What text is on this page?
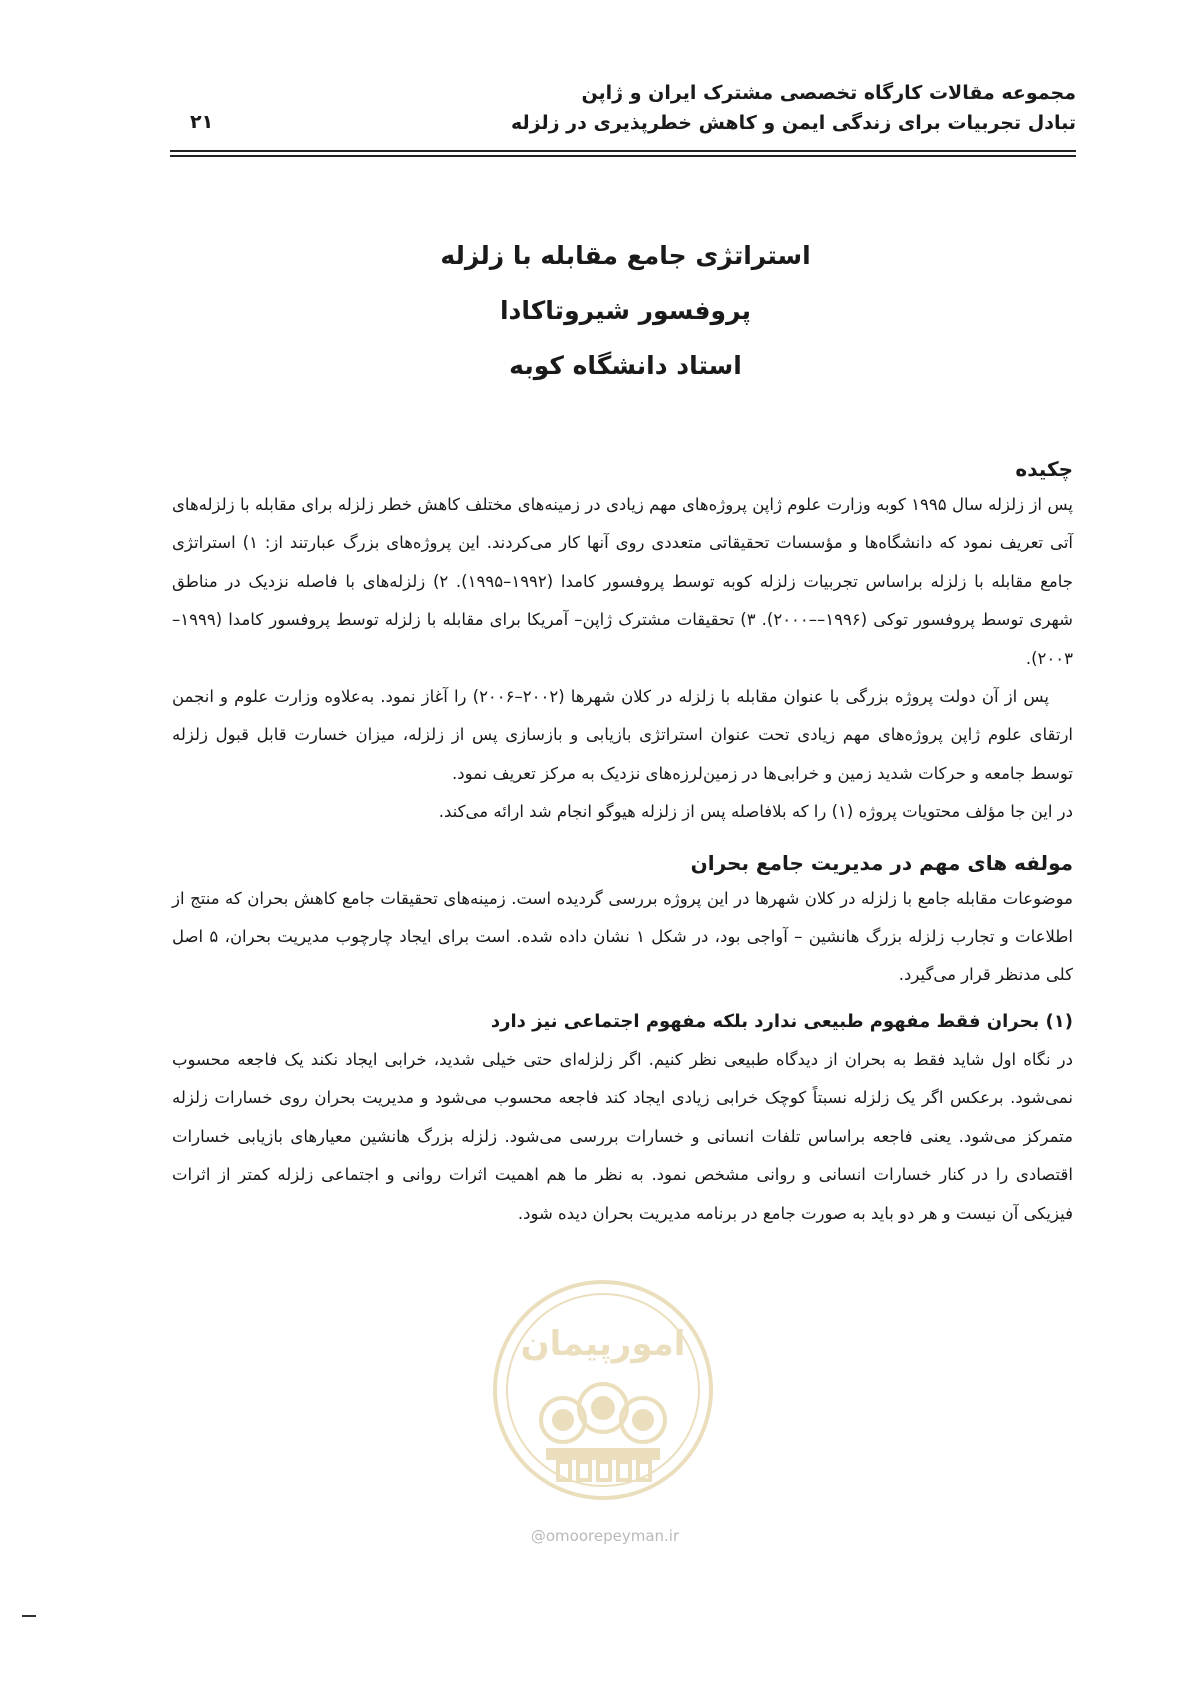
مجموعه مقالات کارگاه تخصصی مشترک ایران و ژاپن
تبادل تجربیات برای زندگی ایمن و کاهش خطرپذیری در زلزله
۲۱
استراتژی جامع مقابله با زلزله
پروفسور شیروتاکادا
استاد دانشگاه کوبه

چکیده

پس از زلزله سال ۱۹۹۵ کوبه وزارت علوم ژاپن پروژه‌های مهم زیادی در زمینه‌های مختلف کاهش خطر زلزله برای مقابله با زلزله‌های آتی تعریف نمود که دانشگاه‌ها و مؤسسات تحقیقاتی متعددی روی آنها کار می‌کردند. این پروژه‌های بزرگ عبارتند از: ۱) استراتژی جامع مقابله با زلزله براساس تجربیات زلزله کوبه توسط پروفسور کامدا (۱۹۹۲–۱۹۹۵). ۲) زلزله‌های با فاصله نزدیک در مناطق شهری توسط پروفسور توکی (۱۹۹۶––۲۰۰۰). ۳) تحقیقات مشترک ژاپن– آمریکا برای مقابله با زلزله توسط پروفسور کامدا (۱۹۹۹–۲۰۰۳).

پس از آن دولت پروژه بزرگی با عنوان مقابله با زلزله در کلان شهرها (۲۰۰۲–۲۰۰۶) را آغاز نمود. به‌علاوه وزارت علوم و انجمن ارتقای علوم ژاپن پروژه‌های مهم زیادی تحت عنوان استراتژی بازیابی و بازسازی پس از زلزله، میزان خسارت قابل قبول زلزله توسط جامعه و حرکات شدید زمین و خرابی‌ها در زمین‌لرزه‌های نزدیک به مرکز تعریف نمود.

در این جا مؤلف محتویات پروژه (۱) را که بلافاصله پس از زلزله هیوگو انجام شد ارائه می‌کند.

مولفه های مهم در مدیریت جامع بحران

موضوعات مقابله جامع با زلزله در کلان شهرها در این پروژه بررسی گردیده است. زمینه‌های تحقیقات جامع کاهش بحران که منتج از اطلاعات و تجارب زلزله بزرگ هانشین – آواجی بود، در شکل ۱ نشان داده شده. است برای ایجاد چارچوب مدیریت بحران، ۵ اصل کلی مدنظر قرار می‌گیرد.

(۱) بحران فقط مفهوم طبیعی ندارد بلکه مفهوم اجتماعی نیز دارد

در نگاه اول شاید فقط به بحران از دیدگاه طبیعی نظر کنیم. اگر زلزله‌ای حتی خیلی شدید، خرابی ایجاد نکند یک فاجعه محسوب نمی‌شود. برعکس اگر یک زلزله نسبتاً کوچک خرابی زیادی ایجاد کند فاجعه محسوب می‌شود و مدیریت بحران روی خسارات زلزله متمرکز می‌شود. یعنی فاجعه براساس تلفات انسانی و خسارات بررسی می‌شود. زلزله بزرگ هانشین معیارهای بازیابی خسارات اقتصادی را در کنار خسارات انسانی و روانی مشخص نمود. به نظر ما هم اهمیت اثرات روانی و اجتماعی زلزله کمتر از اثرات فیزیکی آن نیست و هر دو باید به صورت جامع در برنامه مدیریت بحران دیده شود.

امورپیمان
@omoorepeyman.ir
